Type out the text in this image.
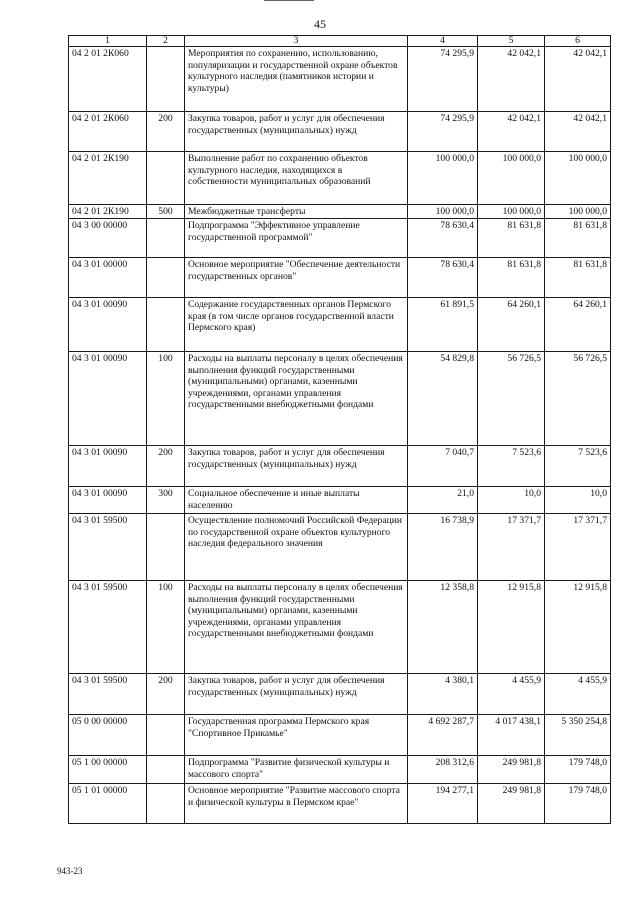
45
1	2	3	4	5	6
04 2 01 2К060		Мероприятия по сохранению, использованию, популяризации и государственной охране объектов культурного наследия (памятников истории и культуры)	74 295,9	42 042,1	42 042,1
04 2 01 2К060	200	Закупка товаров, работ и услуг для обеспечения государственных (муниципальных) нужд	74 295,9	42 042,1	42 042,1
04 2 01 2К190		Выполнение работ по сохранению объектов культурного наследия, находящихся в собственности муниципальных образований	100 000,0	100 000,0	100 000,0
04 2 01 2К190	500	Межбюджетные трансферты	100 000,0	100 000,0	100 000,0
04 3 00 00000		Подпрограмма "Эффективное управление государственной программой"	78 630,4	81 631,8	81 631,8
04 3 01 00000		Основное мероприятие "Обеспечение деятельности государственных органов"	78 630,4	81 631,8	81 631,8
04 3 01 00090		Содержание государственных органов Пермского края (в том числе органов государственной власти Пермского края)	61 891,5	64 260,1	64 260,1
04 3 01 00090	100	Расходы на выплаты персоналу в целях обеспечения выполнения функций государственными (муниципальными) органами, казенными учреждениями, органами управления государственными внебюджетными фондами	54 829,8	56 726,5	56 726,5
04 3 01 00090	200	Закупка товаров, работ и услуг для обеспечения государственных (муниципальных) нужд	7 040,7	7 523,6	7 523,6
04 3 01 00090	300	Социальное обеспечение и иные выплаты населению	21,0	10,0	10,0
04 3 01 59500		Осуществление полномочий Российской Федерации по государственной охране объектов культурного наследия федерального значения	16 738,9	17 371,7	17 371,7
04 3 01 59500	100	Расходы на выплаты персоналу в целях обеспечения выполнения функций государственными (муниципальными) органами, казенными учреждениями, органами управления государственными внебюджетными фондами	12 358,8	12 915,8	12 915,8
04 3 01 59500	200	Закупка товаров, работ и услуг для обеспечения государственных (муниципальных) нужд	4 380,1	4 455,9	4 455,9
05 0 00 00000		Государственная программа Пермского края "Спортивное Прикамье"	4 692 287,7	4 017 438,1	5 350 254,8
05 1 00 00000		Подпрограмма "Развитие физической культуры и массового спорта"	208 312,6	249 981,8	179 748,0
05 1 01 00000		Основное мероприятие "Развитие массового спорта и физической культуры в Пермском крае"	194 277,1	249 981,8	179 748,0
943-23
